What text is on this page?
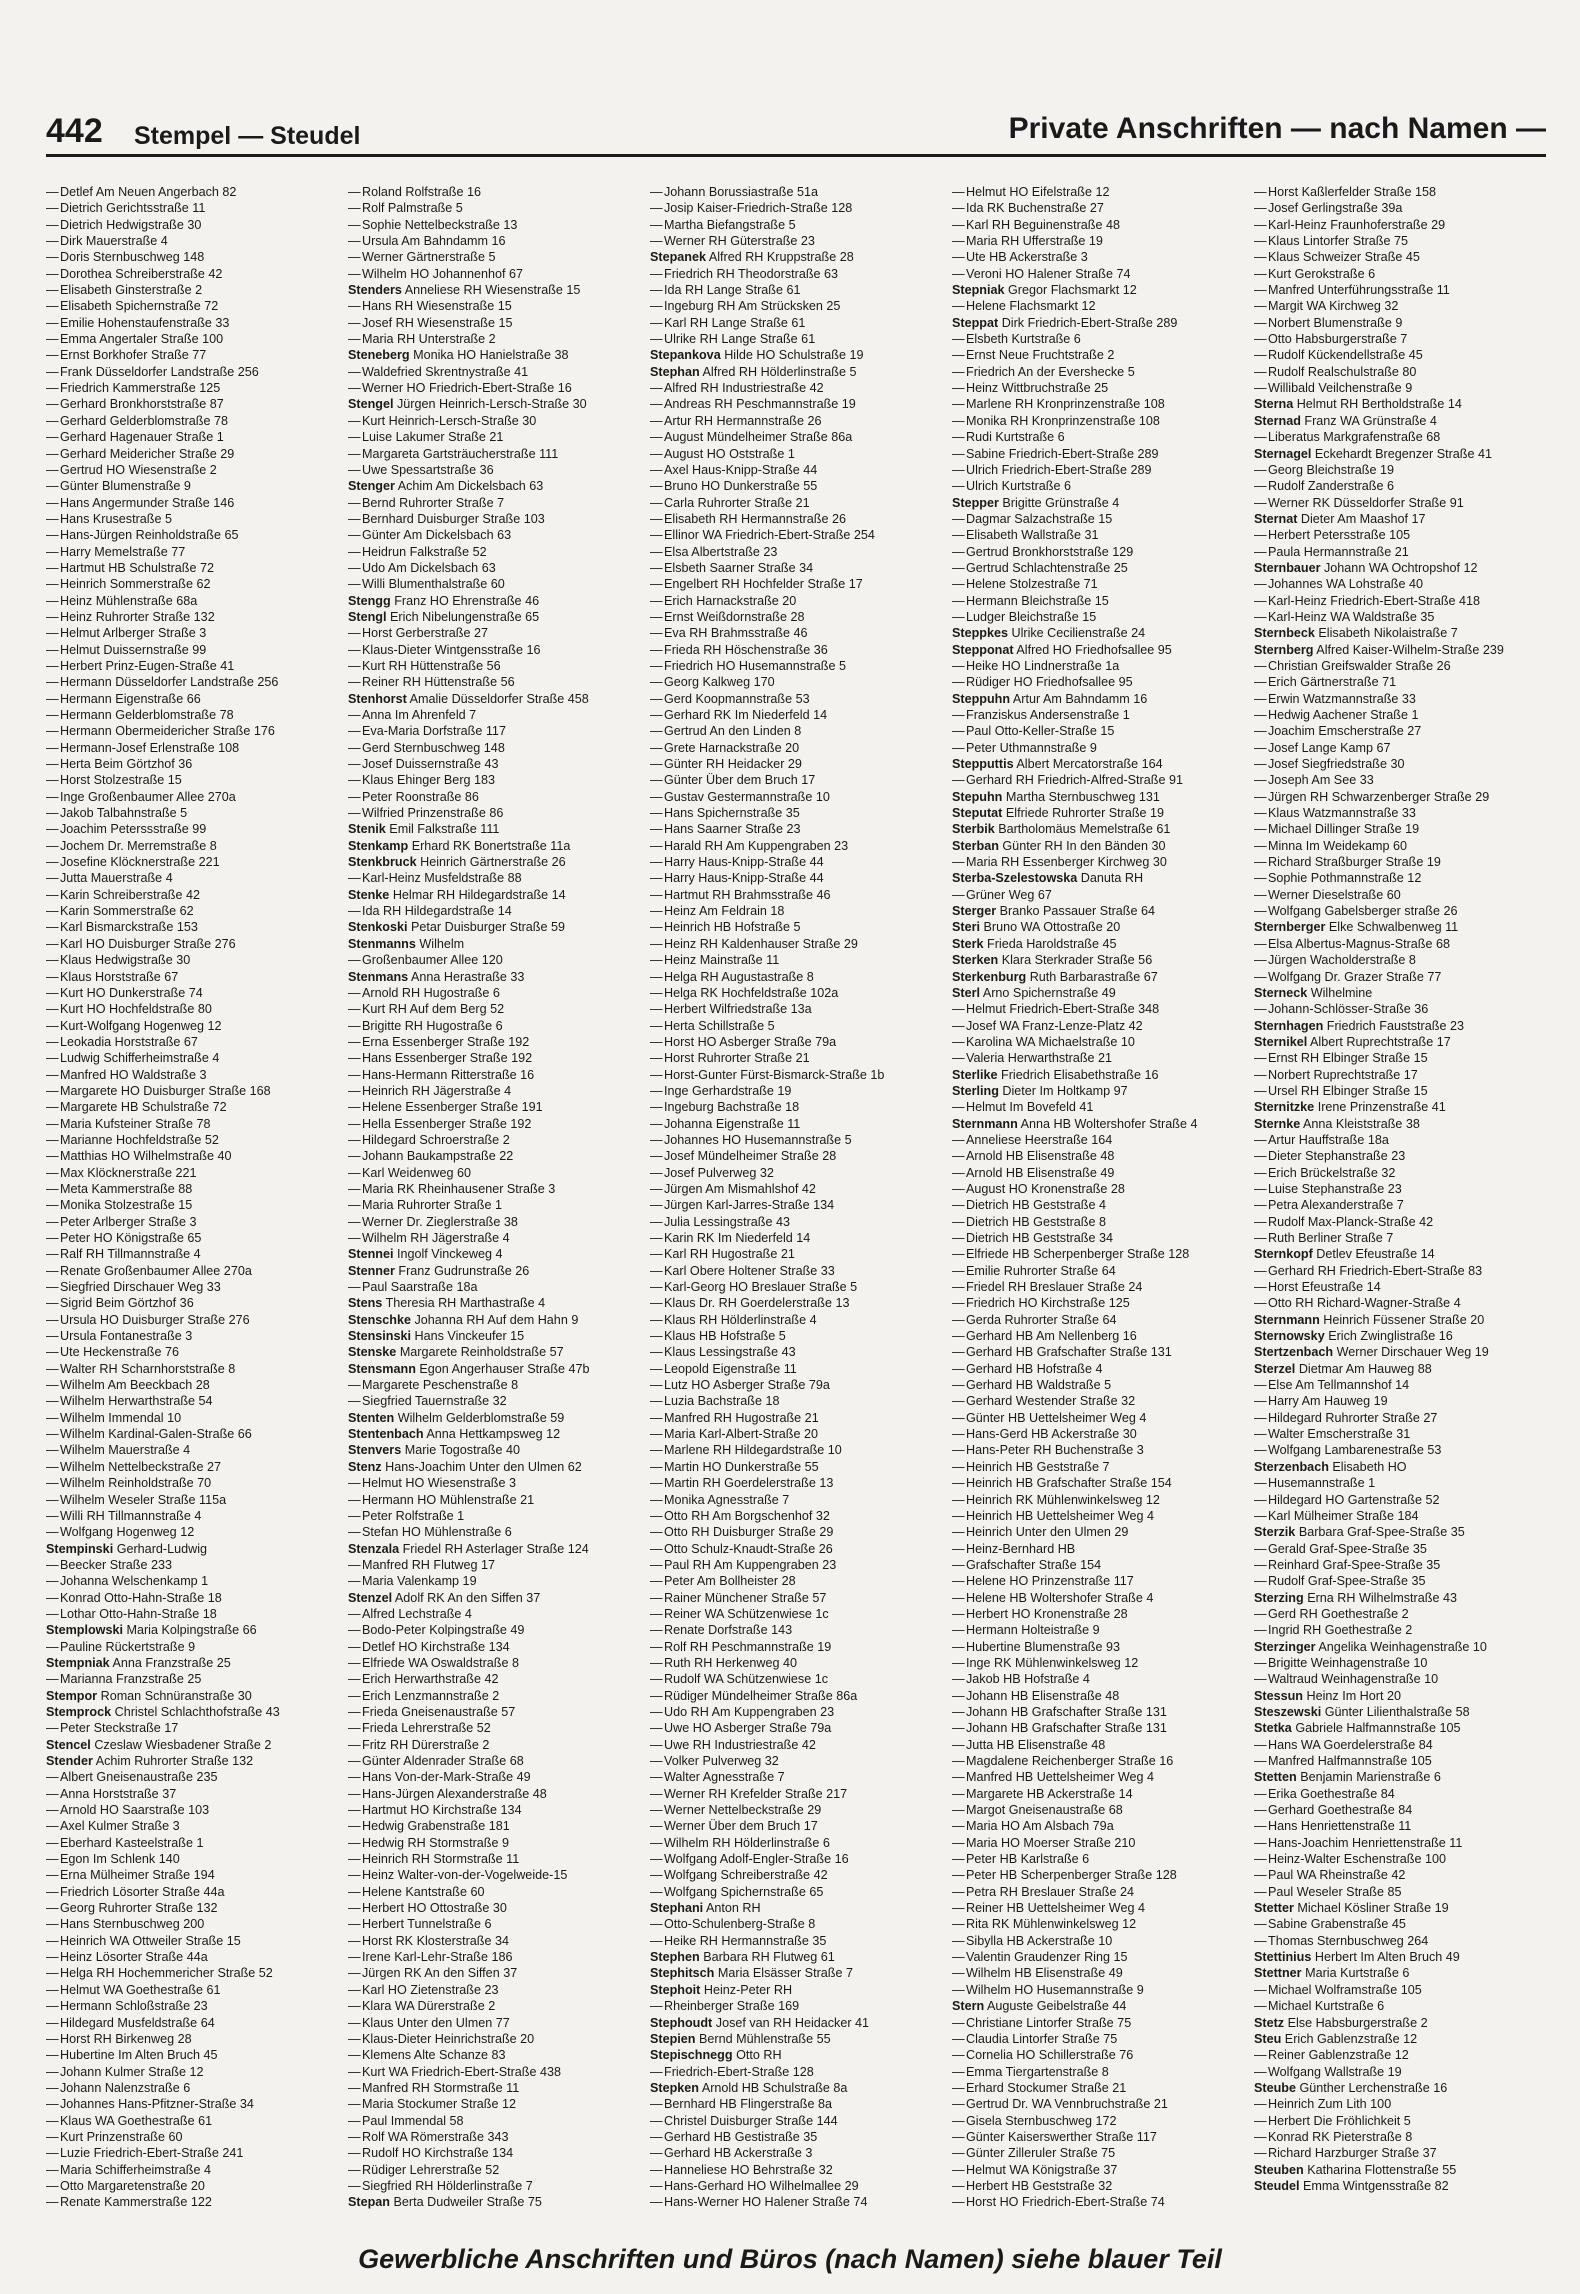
442 Stempel — Steudel	Private Anschriften — nach Namen —
—Detlef Am Neuen Angerbach 82
—Dietrich Gerichtsstraße 11
—Dietrich Hedwigstraße 30
—Dirk Mauerstraße 4
—Doris Sternbuschweg 148
—Dorothea Schreiberstraße 42
—Elisabeth Ginsterstraße 2
—Elisabeth Spichernstraße 72
—Emilie Hohenstaufenstraße 33
—Emma Angertaler Straße 100
—Ernst Borkhofer Straße 77
—Frank Düsseldorfer Landstraße 256
—Friedrich Kammerstraße 125
—Gerhard Bronkhorststraße 87
—Gerhard Gelderblomstraße 78
—Gerhard Hagenauer Straße 1
—Gerhard Meidericher Straße 29
—Gertrud HO Wiesenstraße 2
—Günter Blumenstraße 9
—Hans Angermunder Straße 146
—Hans Krusestraße 5
—Hans-Jürgen Reinholdstraße 65
—Harry Memelstraße 77
—Hartmut HB Schulstraße 72
—Heinrich Sommerstraße 62
—Heinz Mühlenstraße 68a
—Heinz Ruhrorter Straße 132
—Helmut Arlberger Straße 3
—Helmut Duissernstraße 99
—Herbert Prinz-Eugen-Straße 41
—Hermann Düsseldorfer Landstraße 256
—Hermann Eigenstraße 66
—Hermann Gelderblomstraße 78
—Hermann Obermeidericher Straße 176
—Hermann-Josef Erlenstraße 108
—Herta Beim Görtzhof 36
—Horst Stolzestraße 15
—Inge Großenbaumer Allee 270a
—Jakob Talbahnstraße 5
—Joachim Peterssstraße 99
—Jochem Dr. Merremstraße 8
—Josefine Klöcknerstraße 221
—Jutta Mauerstraße 4
—Karin Schreiberstraße 42
—Karin Sommerstraße 62
—Karl Bismarckstraße 153
—Karl HO Duisburger Straße 276
—Klaus Hedwigstraße 30
—Klaus Horststraße 67
—Kurt HO Dunkerstraße 74
—Kurt HO Hochfeldstraße 80
—Kurt-Wolfgang Hogenweg 12
—Leokadia Horststraße 67
—Ludwig Schifferheimstraße 4
—Manfred HO Waldstraße 3
—Margarete HO Duisburger Straße 168
—Margarete HB Schulstraße 72
—Maria Kufsteiner Straße 78
—Marianne Hochfeldstraße 52
—Matthias HO Wilhelmstraße 40
—Max Klöcknerstraße 221
—Meta Kammerstraße 88
—Monika Stolzestraße 15
—Peter Arlberger Straße 3
—Peter HO Königstraße 65
—Ralf RH Tillmannstraße 4
—Renate Großenbaumer Allee 270a
—Siegfried Dirschauer Weg 33
—Sigrid Beim Görtzhof 36
—Ursula HO Duisburger Straße 276
—Ursula Fontanestraße 3
—Ute Heckenstraße 76
—Walter RH Scharnhorststraße 8
—Wilhelm Am Beeckbach 28
—Wilhelm Herwarthstraße 54
—Wilhelm Immendal 10
—Wilhelm Kardinal-Galen-Straße 66
—Wilhelm Mauerstraße 4
—Wilhelm Nettelbeckstraße 27
—Wilhelm Reinholdstraße 70
—Wilhelm Weseler Straße 115a
—Willi RH Tillmannstraße 4
—Wolfgang Hogenweg 12
Stempinski Gerhard-Ludwig
—Beecker Straße 233
—Johanna Welschenkamp 1
—Konrad Otto-Hahn-Straße 18
—Lothar Otto-Hahn-Straße 18
Stemplowski Maria Kolpingstraße 66
—Pauline Rückertstraße 9
Stempniak Anna Franzstraße 25
—Marianna Franzstraße 25
Stempor Roman Schnüranstraße 30
Stemprock Christel Schlachthofstraße 43
—Peter Steckstraße 17
Stencel Czeslaw Wiesbadener Straße 2
Stender Achim Ruhrorter Straße 132
—Albert Gneisenaustraße 235
—Anna Horststraße 37
—Arnold HO Saarstraße 103
—Axel Kulmer Straße 3
—Eberhard Kasteelstraße 1
—Egon Im Schlenk 140
—Erna Mülheimer Straße 194
—Friedrich Lösorter Straße 44a
—Georg Ruhrorter Straße 132
—Hans Sternbuschweg 200
—Heinrich WA Ottweiler Straße 15
—Heinz Lösorter Straße 44a
—Helga RH Hochemmericher Straße 52
—Helmut WA Goethestraße 61
—Hermann Schloßstraße 23
—Hildegard Musfeldstraße 64
—Horst RH Birkenweg 28
—Hubertine Im Alten Bruch 45
—Johann Kulmer Straße 12
—Johann Nalenzstraße 6
—Johannes Hans-Pfitzner-Straße 34
—Klaus WA Goethestraße 61
—Kurt Prinzenstraße 60
—Luzie Friedrich-Ebert-Straße 241
—Maria Schifferheimstraße 4
—Otto Margaretenstraße 20
—Renate Kammerstraße 122
—Roland Rolfstraße 16
—Rolf Palmstraße 5
—Sophie Nettelbeckstraße 13
—Ursula Am Bahndamm 16
—Werner Gärtnerstraße 5
—Wilhelm HO Johannenhof 67
Stenders Anneliese RH Wiesenstraße 15
—Hans RH Wiesenstraße 15
—Josef RH Wiesenstraße 15
—Maria RH Unterstraße 2
Steneberg Monika HO Hanielstraße 38
—Waldefried Skrentnystraße 41
—Werner HO Friedrich-Ebert-Straße 16
Stengel Jürgen Heinrich-Lersch-Straße 30
—Kurt Heinrich-Lersch-Straße 30
—Luise Lakumer Straße 21
—Margareta Gartsträucherstraße 111
—Uwe Spessartstraße 36
Stenger Achim Am Dickelsbach 63
—Bernd Ruhrorter Straße 7
—Bernhard Duisburger Straße 103
—Günter Am Dickelsbach 63
—Heidrun Falkstraße 52
—Udo Am Dickelsbach 63
—Willi Blumenthalstraße 60
Stengg Franz HO Ehrenstraße 46
Stengl Erich Nibelungenstraße 65
—Horst Gerberstraße 27
—Klaus-Dieter Wintgensstraße 16
—Kurt RH Hüttenstraße 56
—Reiner RH Hüttenstraße 56
Stenhorst Amalie Düsseldorfer Straße 458
—Anna Im Ahrenfeld 7
—Eva-Maria Dorfstraße 117
—Gerd Sternbuschweg 148
—Josef Duissernstraße 43
—Klaus Ehinger Berg 183
—Peter Roonstraße 86
—Wilfried Prinzenstraße 86
Stenik Emil Falkstraße 111
Stenkamp Erhard RK Bonertstraße 11a
Stenkbruck Heinrich Gärtnerstraße 26
—Karl-Heinz Musfeldstraße 88
Stenke Helmar RH Hildegardstraße 14
—Ida RH Hildegardstraße 14
Stenkoski Petar Duisburger Straße 59
Stenmanns Wilhelm
—Großenbaumer Allee 120
Stenmans Anna Herastraße 33
—Arnold RH Hugostraße 6
—Kurt RH Auf dem Berg 52
—Brigitte RH Hugostraße 6
—Erna Essenberger Straße 192
—Hans Essenberger Straße 192
—Hans-Hermann Ritterstraße 16
—Heinrich RH Jägerstraße 4
—Helene Essenberger Straße 191
—Hella Essenberger Straße 192
—Hildegard Schroerstraße 2
—Johann Baukampstraße 22
—Karl Weidenweg 60
—Maria RK Rheinhausener Straße 3
—Maria Ruhrorter Straße 1
—Werner Dr. Zieglerstraße 38
—Wilhelm RH Jägerstraße 4
Stennei Ingolf Vinckeweg 4
Stenner Franz Gudrunstraße 26
—Paul Saarstraße 18a
Stens Theresia RH Marthastraße 4
Stenschke Johanna RH Auf dem Hahn 9
Stensinski Hans Vinckeufer 15
Stenske Margarete Reinholdstraße 57
Stensmann Egon Angerhauser Straße 47b
—Margarete Peschenstraße 8
—Siegfried Tauernstraße 32
Stenten Wilhelm Gelderblomstraße 59
Stentenbach Anna Hettkampsweg 12
Stenvers Marie Togostraße 40
Stenz Hans-Joachim Unter den Ulmen 62
—Helmut HO Wiesenstraße 3
—Hermann HO Mühlenstraße 21
—Peter Rolfstraße 1
—Stefan HO Mühlenstraße 6
Stenzala Friedel RH Asterlager Straße 124
—Manfred RH Flutweg 17
—Maria Valenkamp 19
Stenzel Adolf RK An den Siffen 37
—Alfred Lechstraße 4
—Bodo-Peter Kolpingstraße 49
—Detlef HO Kirchstraße 134
—Elfriede WA Oswaldstraße 8
—Erich Herwarthstraße 42
—Erich Lenzmannstraße 2
—Frieda Gneisenaustraße 57
—Frieda Lehrerstraße 52
—Fritz RH Dürerstraße 2
—Günter Aldenrader Straße 68
—Hans Von-der-Mark-Straße 49
—Hans-Jürgen Alexanderstraße 48
—Hartmut HO Kirchstraße 134
—Hedwig Grabenstraße 181
—Hedwig RH Stormstraße 9
—Heinrich RH Stormstraße 11
—Heinz Walter-von-der-Vogelweide-15
—Helene Kantstraße 60
—Herbert HO Ottostraße 30
—Herbert Tunnelstraße 6
—Horst RK Klosterstraße 34
—Irene Karl-Lehr-Straße 186
—Jürgen RK An den Siffen 37
—Karl HO Zietenstraße 23
—Klara WA Dürerstraße 2
—Klaus Unter den Ulmen 77
—Klaus-Dieter Heinrichstraße 20
—Klemens Alte Schanze 83
—Kurt WA Friedrich-Ebert-Straße 438
—Manfred RH Stormstraße 11
—Maria Stockumer Straße 12
—Paul Immendal 58
—Rolf WA Römerstraße 343
—Rudolf HO Kirchstraße 134
—Rüdiger Lehrerstraße 52
—Siegfried RH Hölderlinstraße 7
Stepan Berta Dudweiler Straße 75
—Johann Borussiastraße 51a
—Josip Kaiser-Friedrich-Straße 128
—Martha Biefangstraße 5
—Werner RH Güterstraße 23
Stepanek Alfred RH Kruppstraße 28
—Friedrich RH Theodorstraße 63
—Ida RH Lange Straße 61
—Ingeburg RH Am Strücksken 25
—Karl RH Lange Straße 61
—Ulrike RH Lange Straße 61
Stepankova Hilde HO Schulstraße 19
Stephan Alfred RH Hölderlinstraße 5
—Alfred RH Industriestraße 42
—Andreas RH Peschmannstraße 19
—Artur RH Hermannstraße 26
—August Mündelheimer Straße 86a
—August HO Oststraße 1
—Axel Haus-Knipp-Straße 44
—Bruno HO Dunkerstraße 55
—Carla Ruhrorter Straße 21
—Elisabeth RH Hermannstraße 26
—Ellinor WA Friedrich-Ebert-Straße 254
—Elsa Albertstraße 23
—Elsbeth Saarner Straße 34
—Engelbert RH Hochfelder Straße 17
—Erich Harnackstraße 20
—Ernst Weißdornstraße 28
—Eva RH Brahmsstraße 46
—Frieda RH Höschenstraße 36
—Friedrich HO Husemannstraße 5
—Georg Kalkweg 170
—Gerd Koopmannstraße 53
—Gerhard RK Im Niederfeld 14
—Gertrud An den Linden 8
—Grete Harnackstraße 20
—Günter RH Heidacker 29
—Günter Über dem Bruch 17
—Gustav Gestermannstraße 10
—Hans Spichernstraße 35
—Hans Saarner Straße 23
—Harald RH Am Kuppengraben 23
—Harry Haus-Knipp-Straße 44
—Harry Haus-Knipp-Straße 44
—Hartmut RH Brahmsstraße 46
—Heinz Am Feldrain 18
—Heinrich HB Hofstraße 5
—Heinz RH Kaldenhauser Straße 29
—Heinz Mainstraße 11
—Helga RH Augustastraße 8
—Helga RK Hochfeldstraße 102a
—Herbert Wilfriedstraße 13a
—Herta Schillstraße 5
—Horst HO Asberger Straße 79a
—Horst Ruhrorter Straße 21
—Horst-Gunter Fürst-Bismarck-Straße 1b
—Inge Gerhardstraße 19
—Ingeburg Bachstraße 18
—Johanna Eigenstraße 11
—Johannes HO Husemannstraße 5
—Josef Mündelheimer Straße 28
—Josef Pulverweg 32
—Jürgen Am Mismahlshof 42
—Jürgen Karl-Jarres-Straße 134
—Julia Lessingstraße 43
—Karin RK Im Niederfeld 14
—Karl RH Hugostraße 21
—Karl Obere Holtener Straße 33
—Karl-Georg HO Breslauer Straße 5
—Klaus Dr. RH Goerdelerstraße 13
—Klaus RH Hölderlinstraße 4
—Klaus HB Hofstraße 5
—Klaus Lessingstraße 43
—Leopold Eigenstraße 11
—Lutz HO Asberger Straße 79a
—Luzia Bachstraße 18
—Manfred RH Hugostraße 21
—Maria Karl-Albert-Straße 20
—Marlene RH Hildegardstraße 10
—Martin HO Dunkerstraße 55
—Martin RH Goerdelerstraße 13
—Monika Agnesstraße 7
—Otto RH Am Borgschenhof 32
—Otto RH Duisburger Straße 29
—Otto Schulz-Knaudt-Straße 26
—Paul RH Am Kuppengraben 23
—Peter Am Bollheister 28
—Rainer Münchener Straße 57
—Reiner WA Schützenwiese 1c
—Renate Dorfstraße 143
—Rolf RH Peschmannstraße 19
—Ruth RH Herkenweg 40
—Rudolf WA Schützenwiese 1c
—Rüdiger Mündelheimer Straße 86a
—Udo RH Am Kuppengraben 23
—Uwe HO Asberger Straße 79a
—Uwe RH Industriestraße 42
—Volker Pulverweg 32
—Walter Agnesstraße 7
—Werner RH Krefelder Straße 217
—Werner Nettelbeckstraße 29
—Werner Über dem Bruch 17
—Wilhelm RH Hölderlinstraße 6
—Wolfgang Adolf-Engler-Straße 16
—Wolfgang Schreiberstraße 42
—Wolfgang Spichernstraße 65
Stephani Anton RH
—Otto-Schulenberg-Straße 8
—Heike RH Hermannstraße 35
Stephen Barbara RH Flutweg 61
Stephitsch Maria Elsässer Straße 7
Stephoit Heinz-Peter RH
—Rheinberger Straße 169
Stephoudt Josef van RH Heidacker 41
Stepien Bernd Mühlenstraße 55
Stepischnegg Otto RH
—Friedrich-Ebert-Straße 128
Stepken Arnold HB Schulstraße 8a
—Bernhard HB Flingerstraße 8a
—Christel Duisburger Straße 144
—Gerhard HB Gestistraße 35
—Gerhard HB Ackerstraße 3
—Hanneliese HO Behrstraße 32
—Hans-Gerhard HO Wilhelmallee 29
—Hans-Werner HO Halener Straße 74
—Helmut HO Eifelstraße 12
—Ida RK Buchenstraße 27
—Karl RH Beguinenstraße 48
—Maria RH Ufferstraße 19
—Ute HB Ackerstraße 3
—Veroni HO Halener Straße 74
Stepniak Gregor Flachsmarkt 12
—Helene Flachsmarkt 12
Steppat Dirk Friedrich-Ebert-Straße 289
—Elsbeth Kurtstraße 6
—Ernst Neue Fruchtstraße 2
—Friedrich An der Evershecke 5
—Heinz Wittbruchstraße 25
—Marlene RH Kronprinzenstraße 108
—Monika RH Kronprinzenstraße 108
—Rudi Kurtstraße 6
—Sabine Friedrich-Ebert-Straße 289
—Ulrich Friedrich-Ebert-Straße 289
—Ulrich Kurtstraße 6
Stepper Brigitte Grünstraße 4
—Dagmar Salzachstraße 15
—Elisabeth Wallstraße 31
—Gertrud Bronkhorststraße 129
—Gertrud Schlachtenstraße 25
—Helene Stolzestraße 71
—Hermann Bleichstraße 15
—Ludger Bleichstraße 15
Steppkes Ulrike Cecilienstraße 24
Stepponat Alfred HO Friedhofsallee 95
—Heike HO Lindnerstraße 1a
—Rüdiger HO Friedhofsallee 95
Steppuhn Artur Am Bahndamm 16
—Franziskus Andersenstraße 1
—Paul Otto-Keller-Straße 15
—Peter Uthmannstraße 9
Stepputtis Albert Mercatorstraße 164
—Gerhard RH Friedrich-Alfred-Straße 91
Stepuhn Martha Sternbuschweg 131
Steputat Elfriede Ruhrorter Straße 19
Sterbik Bartholomäus Memelstraße 61
Sterban Günter RH In den Bänden 30
—Maria RH Essenberger Kirchweg 30
Sterba-Szelestowska Danuta RH
—Grüner Weg 67
Sterger Branko Passauer Straße 64
Steri Bruno WA Ottostraße 20
Sterk Frieda Haroldstraße 45
Sterken Klara Sterkrader Straße 56
Sterkenburg Ruth Barbarastraße 67
Sterl Arno Spichernstraße 49
—Helmut Friedrich-Ebert-Straße 348
—Josef WA Franz-Lenze-Platz 42
—Karolina WA Michaelstraße 10
—Valeria Herwarthstraße 21
Sterlike Friedrich Elisabethstraße 16
Sterling Dieter Im Holtkamp 97
—Helmut Im Bovefeld 41
Sternmann Anna HB Woltershofer Straße 4
—Anneliese Heerstraße 164
—Arnold HB Elisenstraße 48
—Arnold HB Elisenstraße 49
—August HO Kronenstraße 28
—Dietrich HB Geststraße 4
—Dietrich HB Geststraße 8
—Dietrich HB Geststraße 34
—Elfriede HB Scherpenberger Straße 128
—Emilie Ruhrorter Straße 64
—Friedel RH Breslauer Straße 24
—Friedrich HO Kirchstraße 125
—Gerda Ruhrorter Straße 64
—Gerhard HB Am Nellenberg 16
—Gerhard HB Grafschafter Straße 131
—Gerhard HB Hofstraße 4
—Gerhard HB Waldstraße 5
—Gerhard Westender Straße 32
—Günter HB Uettelsheimer Weg 4
—Hans-Gerd HB Ackerstraße 30
—Hans-Peter RH Buchenstraße 3
—Heinrich HB Geststraße 7
—Heinrich HB Grafschafter Straße 154
—Heinrich RK Mühlenwinkelsweg 12
—Heinrich HB Uettelsheimer Weg 4
—Heinrich Unter den Ulmen 29
—Heinz-Bernhard HB
—Grafschafter Straße 154
—Helene HO Prinzenstraße 117
—Helene HB Woltershofer Straße 4
—Herbert HO Kronenstraße 28
—Hermann Holteistraße 9
—Hubertine Blumenstraße 93
—Inge RK Mühlenwinkelsweg 12
—Jakob HB Hofstraße 4
—Johann HB Elisenstraße 48
—Johann HB Grafschafter Straße 131
—Johann HB Grafschafter Straße 131
—Jutta HB Elisenstraße 48
—Magdalene Reichenberger Straße 16
—Manfred HB Uettelsheimer Weg 4
—Margarete HB Ackerstraße 14
—Margot Gneisenaustraße 68
—Maria HO Am Alsbach 79a
—Maria HO Moerser Straße 210
—Peter HB Karlstraße 6
—Peter HB Scherpenberger Straße 128
—Petra RH Breslauer Straße 24
—Reiner HB Uettelsheimer Weg 4
—Rita RK Mühlenwinkelsweg 12
—Sibylla HB Ackerstraße 10
—Valentin Graudenzer Ring 15
—Wilhelm HB Elisenstraße 49
—Wilhelm HO Husemannstraße 9
Stern Auguste Geibelstraße 44
—Christiane Lintorfer Straße 75
—Claudia Lintorfer Straße 75
—Cornelia HO Schillerstraße 76
—Emma Tiergartenstraße 8
—Erhard Stockumer Straße 21
—Gertrud Dr. WA Vennbruchstraße 21
—Gisela Sternbuschweg 172
—Günter Kaiserswerther Straße 117
—Günter Zilleruler Straße 75
—Helmut WA Königstraße 37
—Herbert HB Geststraße 32
—Horst HO Friedrich-Ebert-Straße 74
—Horst Kaßlerfelder Straße 158
—Josef Gerlingstraße 39a
—Karl-Heinz Fraunhoferstraße 29
—Klaus Lintorfer Straße 75
—Klaus Schweizer Straße 45
—Kurt Gerokstraße 6
—Manfred Unterführungsstraße 11
—Margit WA Kirchweg 32
—Norbert Blumenstraße 9
—Otto Habsburgerstraße 7
—Rudolf Kückendellstraße 45
—Rudolf Realschulstraße 80
—Willibald Veilchenstraße 9
Sterna Helmut RH Bertholdstraße 14
Sternad Franz WA Grünstraße 4
—Liberatus Markgrafenstraße 68
Sternagel Eckehardt Bregenzer Straße 41
—Georg Bleichstraße 19
—Rudolf Zanderstraße 6
—Werner RK Düsseldorfer Straße 91
Sternat Dieter Am Maashof 17
—Herbert Petersstraße 105
—Paula Hermannstraße 21
Sternbauer Johann WA Ochtropshof 12
—Johannes WA Lohstraße 40
—Karl-Heinz Friedrich-Ebert-Straße 418
—Karl-Heinz WA Waldstraße 35
Sternbeck Elisabeth Nikolaistraße 7
Sternberg Alfred Kaiser-Wilhelm-Straße 239
—Christian Greifswalder Straße 26
—Erich Gärtnerstraße 71
—Erwin Watzmannstraße 33
—Hedwig Aachener Straße 1
—Joachim Emscherstraße 27
—Josef Lange Kamp 67
—Josef Siegfriedstraße 30
—Joseph Am See 33
—Jürgen RH Schwarzenberger Straße 29
—Klaus Watzmannstraße 33
—Michael Dillinger Straße 19
—Minna Im Weidekamp 60
—Richard Straßburger Straße 19
—Sophie Pothmannstraße 12
—Werner Dieselstraße 60
—Wolfgang Gabelsberger straße 26
Sternberger Elke Schwalbenweg 11
—Elsa Albertus-Magnus-Straße 68
—Jürgen Wacholderstraße 8
—Wolfgang Dr. Grazer Straße 77
Sterneck Wilhelmine
—Johann-Schlösser-Straße 36
Sternhagen Friedrich Fauststraße 23
Sternikel Albert Ruprechtstraße 17
—Ernst RH Elbinger Straße 15
—Norbert Ruprechtstraße 17
—Ursel RH Elbinger Straße 15
Sternitzke Irene Prinzenstraße 41
Sternke Anna Kleiststraße 38
—Artur Hauffstraße 18a
—Dieter Stephanstraße 23
—Erich Brückelstraße 32
—Luise Stephanstraße 23
—Petra Alexanderstraße 7
—Rudolf Max-Planck-Straße 42
—Ruth Berliner Straße 7
Sternkopf Detlev Efeustraße 14
—Gerhard RH Friedrich-Ebert-Straße 83
—Horst Efeustraße 14
—Otto RH Richard-Wagner-Straße 4
Sternmann Heinrich Füssener Straße 20
Sternowsky Erich Zwinglistraße 16
Stertzenbach Werner Dirschauer Weg 19
Sterzel Dietmar Am Hauweg 88
—Else Am Tellmannshof 14
—Harry Am Hauweg 19
—Hildegard Ruhrorter Straße 27
—Walter Emscherstraße 31
—Wolfgang Lambarenestraße 53
Sterzenbach Elisabeth HO
—Husemannstraße 1
—Hildegard HO Gartenstraße 52
—Karl Mülheimer Straße 184
Sterzik Barbara Graf-Spee-Straße 35
—Gerald Graf-Spee-Straße 35
—Reinhard Graf-Spee-Straße 35
—Rudolf Graf-Spee-Straße 35
Sterzing Erna RH Wilhelmstraße 43
—Gerd RH Goethestraße 2
—Ingrid RH Goethestraße 2
Sterzinger Angelika Weinhagenstraße 10
—Brigitte Weinhagenstraße 10
—Waltraud Weinhagenstraße 10
Stessun Heinz Im Hort 20
Steszewski Günter Lilienthalstraße 58
Stetka Gabriele Halfmannstraße 105
—Hans WA Goerdelerstraße 84
—Manfred Halfmannstraße 105
Stetten Benjamin Marienstraße 6
—Erika Goethestraße 84
—Gerhard Goethestraße 84
—Hans Henriettenstraße 11
—Hans-Joachim Henriettenstraße 11
—Heinz-Walter Eschenstraße 100
—Paul WA Rheinstraße 42
—Paul Weseler Straße 85
Stetter Michael Kösliner Straße 19
—Sabine Grabenstraße 45
—Thomas Sternbuschweg 264
Stettinius Herbert Im Alten Bruch 49
Stettner Maria Kurtstraße 6
—Michael Wolframstraße 105
—Michael Kurtstraße 6
Stetz Else Habsburgerstraße 2
Steu Erich Gablenzstraße 12
—Reiner Gablenzstraße 12
—Wolfgang Wallstraße 19
Steube Günther Lerchenstraße 16
—Heinrich Zum Lith 100
—Herbert Die Fröhlichkeit 5
—Konrad RK Pieterstraße 8
—Richard Harzburger Straße 37
Steuben Katharina Flottenstraße 55
Steudel Emma Wintgensstraße 82
Gewerbliche Anschriften und Büros (nach Namen) siehe blauer Teil
